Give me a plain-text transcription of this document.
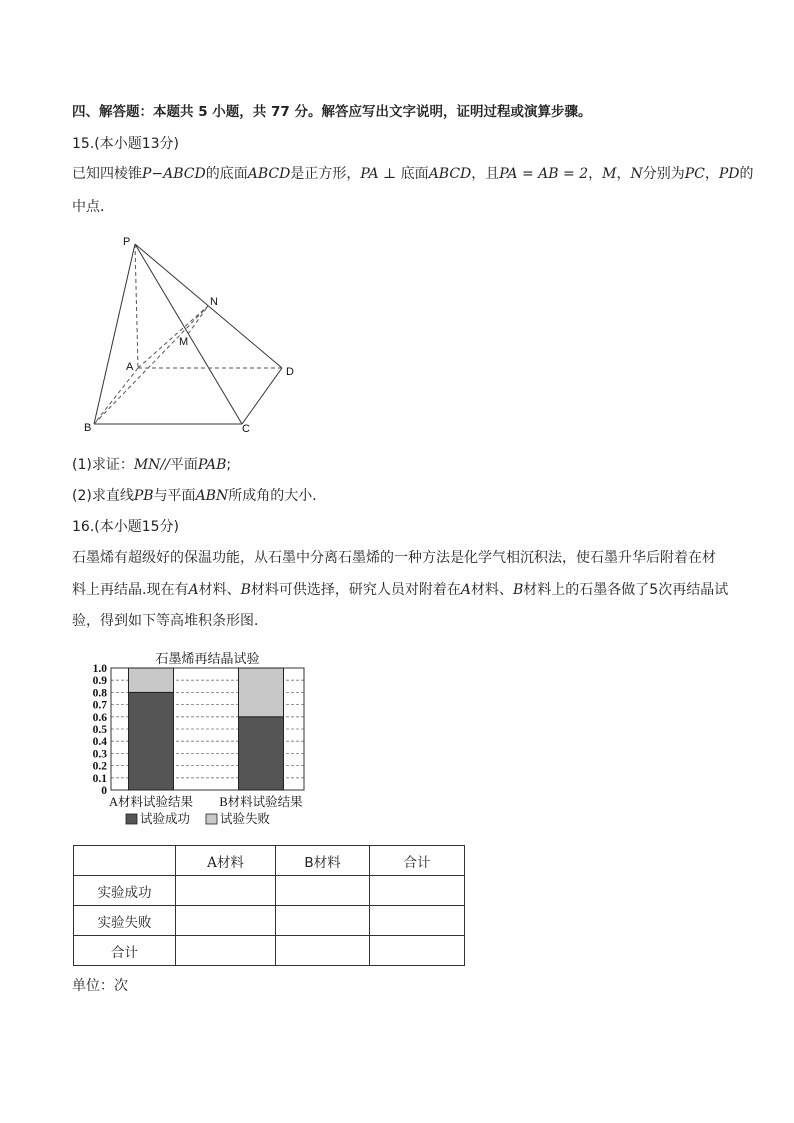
四、解答题：本题共 5 小题，共 77 分。解答应写出文字说明，证明过程或演算步骤。
15.(本小题13分)
已知四棱锥P−ABCD的底面ABCD是正方形，PA ⊥ 底面ABCD，且PA = AB = 2，M，N分别为PC，PD的
中点．
P
N
M
A	D
B	C
(1)求证：MN//平面PAB;
(2)求直线PB与平面ABN所成角的大小．
16.(本小题15分)
石墨烯有超级好的保温功能，从石墨中分离石墨烯的一种方法是化学气相沉积法，使石墨升华后附着在材
料上再结晶.现在有A材料、B材料可供选择，研究人员对附着在A材料、B材料上的石墨各做了5次再结晶试
验，得到如下等高堆积条形图．
石墨烯再结晶试验
0
0.1
0.2
0.3
0.4
0.5
0.6
0.7
0.8
0.9
1.0
A材料试验结果 B材料试验结果
试验成功 试验失败
	A材料	B材料	合计
实验成功			
实验失败			
合计			
单位：次
